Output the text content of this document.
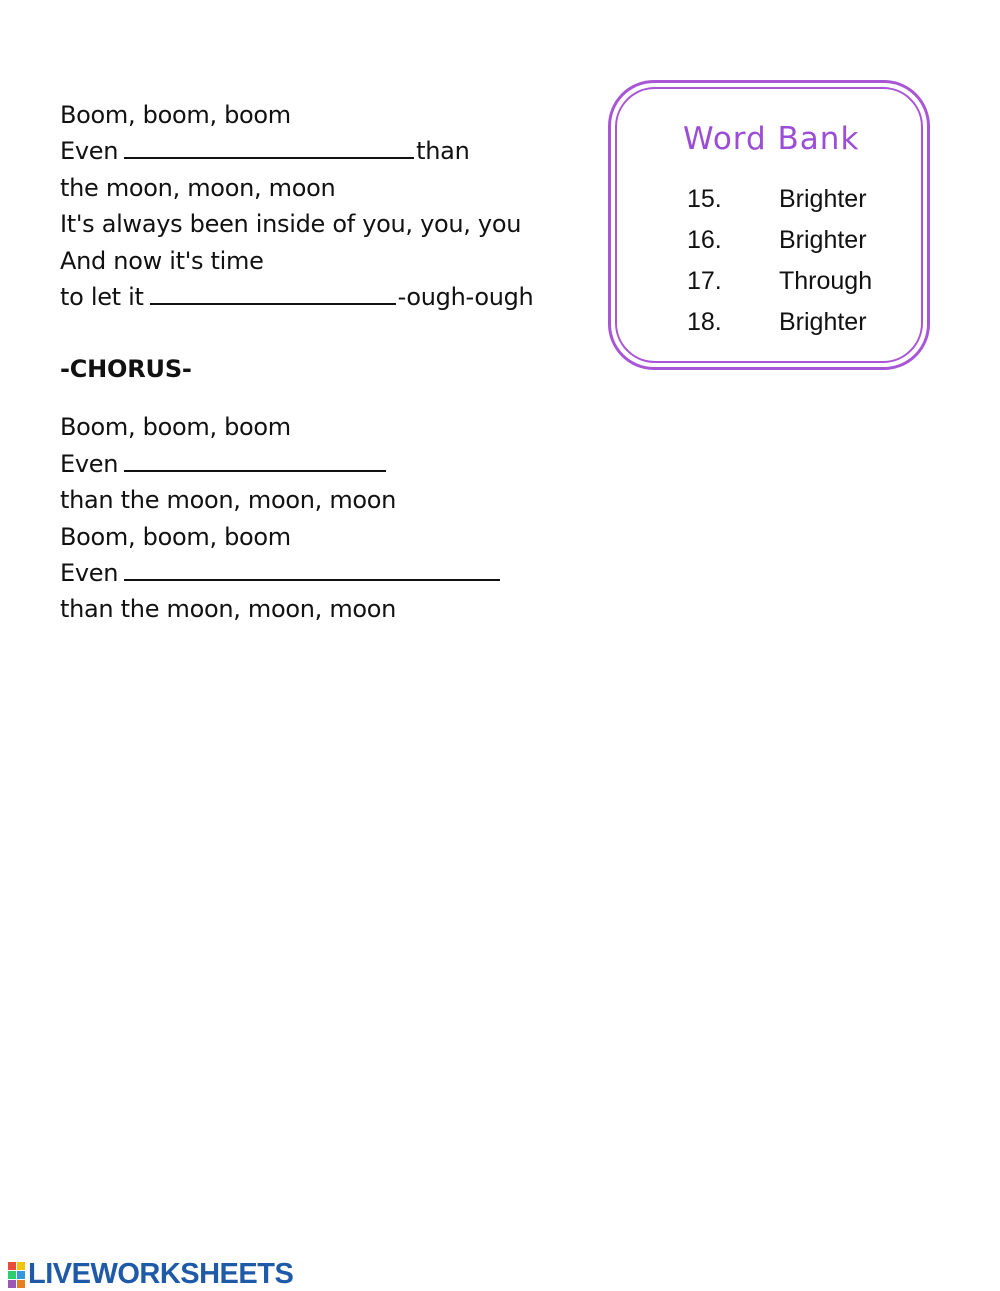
Boom, boom, boom
Even	than
the moon, moon, moon
It's always been inside of you, you, you
And now it's time
to let it	-ough-ough
-CHORUS-
Boom, boom, boom
Even
than the moon, moon, moon
Boom, boom, boom
Even
than the moon, moon, moon
Word Bank
15.	Brighter
16.	Brighter
17.	Through
18.	Brighter
LIVEWORKSHEETS
